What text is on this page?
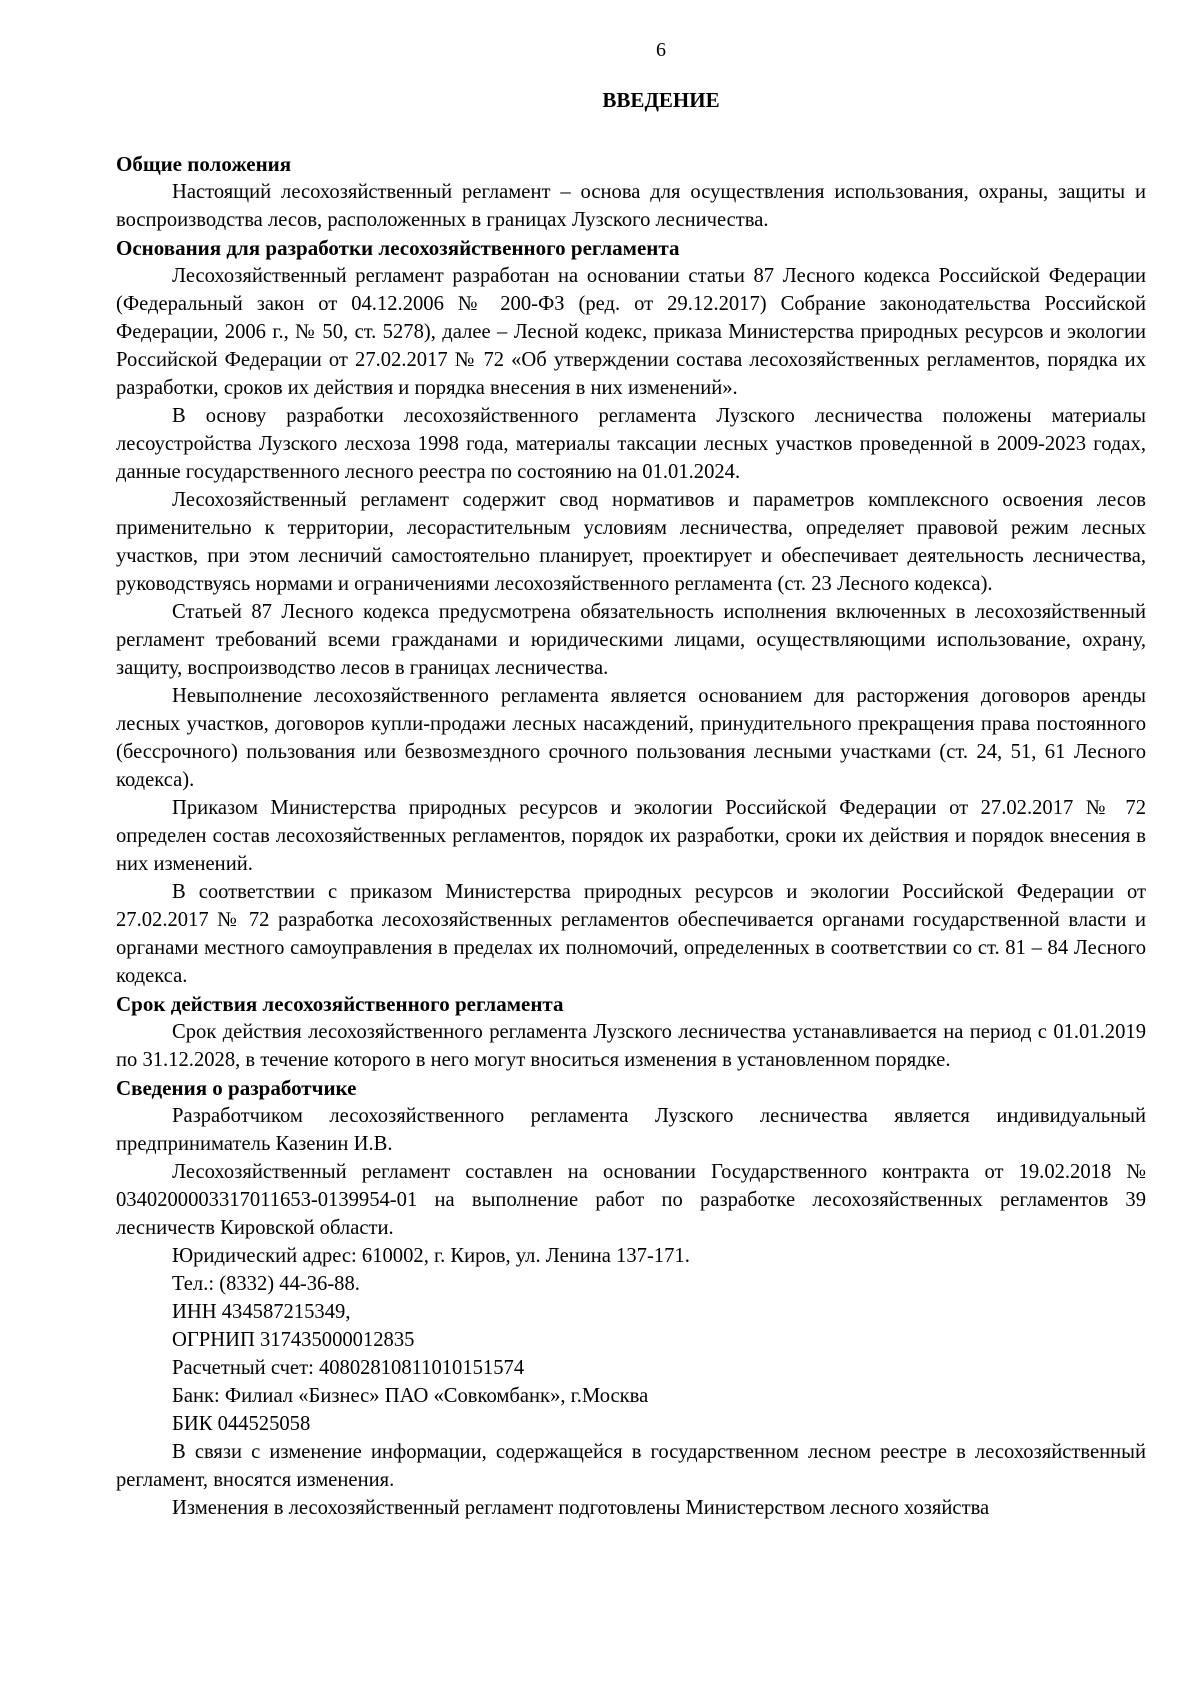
6
ВВЕДЕНИЕ
Общие положения

Настоящий лесохозяйственный регламент – основа для осуществления использования, охраны, защиты и воспроизводства лесов, расположенных в границах Лузского лесничества.

Основания для разработки лесохозяйственного регламента

Лесохозяйственный регламент разработан на основании статьи 87 Лесного кодекса Российской Федерации (Федеральный закон от 04.12.2006 № 200-ФЗ (ред. от 29.12.2017) Собрание законодательства Российской Федерации, 2006 г., № 50, ст. 5278), далее – Лесной кодекс, приказа Министерства природных ресурсов и экологии Российской Федерации от 27.02.2017 № 72 «Об утверждении состава лесохозяйственных регламентов, порядка их разработки, сроков их действия и порядка внесения в них изменений».

В основу разработки лесохозяйственного регламента Лузского лесничества положены материалы лесоустройства Лузского лесхоза 1998 года, материалы таксации лесных участков проведенной в 2009-2023 годах, данные государственного лесного реестра по состоянию на 01.01.2024.

Лесохозяйственный регламент содержит свод нормативов и параметров комплексного освоения лесов применительно к территории, лесорастительным условиям лесничества, определяет правовой режим лесных участков, при этом лесничий самостоятельно планирует, проектирует и обеспечивает деятельность лесничества, руководствуясь нормами и ограничениями лесохозяйственного регламента (ст. 23 Лесного кодекса).

Статьей 87 Лесного кодекса предусмотрена обязательность исполнения включенных в лесохозяйственный регламент требований всеми гражданами и юридическими лицами, осуществляющими использование, охрану, защиту, воспроизводство лесов в границах лесничества.

Невыполнение лесохозяйственного регламента является основанием для расторжения договоров аренды лесных участков, договоров купли-продажи лесных насаждений, принудительного прекращения права постоянного (бессрочного) пользования или безвозмездного срочного пользования лесными участками (ст. 24, 51, 61 Лесного кодекса).

Приказом Министерства природных ресурсов и экологии Российской Федерации от 27.02.2017 № 72 определен состав лесохозяйственных регламентов, порядок их разработки, сроки их действия и порядок внесения в них изменений.

В соответствии с приказом Министерства природных ресурсов и экологии Российской Федерации от 27.02.2017 № 72 разработка лесохозяйственных регламентов обеспечивается органами государственной власти и органами местного самоуправления в пределах их полномочий, определенных в соответствии со ст. 81 – 84 Лесного кодекса.

Срок действия лесохозяйственного регламента

Срок действия лесохозяйственного регламента Лузского лесничества устанавливается на период с 01.01.2019 по 31.12.2028, в течение которого в него могут вноситься изменения в установленном порядке.

Сведения о разработчике

Разработчиком лесохозяйственного регламента Лузского лесничества является индивидуальный предприниматель Казенин И.В.

Лесохозяйственный регламент составлен на основании Государственного контракта от 19.02.2018 № 0340200003317011653-0139954-01 на выполнение работ по разработке лесохозяйственных регламентов 39 лесничеств Кировской области.

Юридический адрес: 610002, г. Киров, ул. Ленина 137-171.

Тел.: (8332) 44-36-88.

ИНН 434587215349,

ОГРНИП 317435000012835

Расчетный счет: 40802810811010151574

Банк: Филиал «Бизнес» ПАО «Совкомбанк», г.Москва

БИК 044525058

В связи с изменение информации, содержащейся в государственном лесном реестре в лесохозяйственный регламент, вносятся изменения.

Изменения в лесохозяйственный регламент подготовлены Министерством лесного хозяйства
